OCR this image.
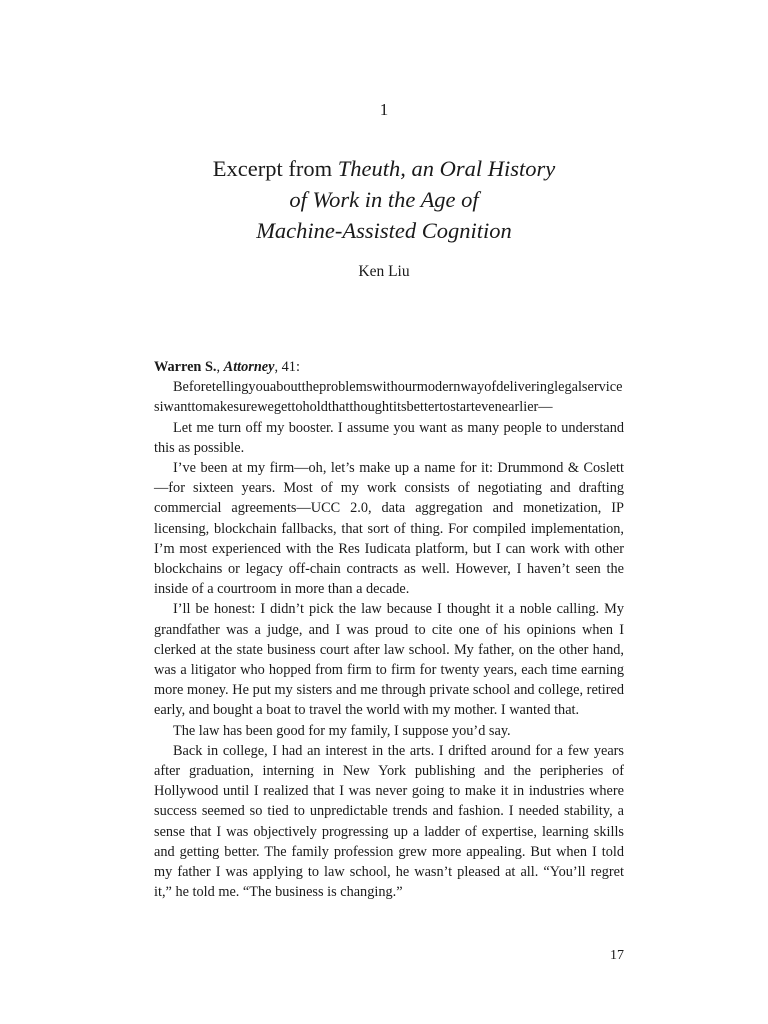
1
Excerpt from Theuth, an Oral History
of Work in the Age of
Machine-Assisted Cognition
Ken Liu

Warren S., Attorney, 41:

Beforetellingyouabouttheproblemswithourmodernwayofdeliveringlegalservicesіwanttomakesurewegettoholdthatthoughtitsbettertostartevenearlier—

Let me turn off my booster. I assume you want as many people to understand this as possible.

I’ve been at my firm—oh, let’s make up a name for it: Drummond & Coslett—for sixteen years. Most of my work consists of negotiating and drafting commercial agreements—UCC 2.0, data aggregation and monetization, IP licensing, blockchain fallbacks, that sort of thing. For compiled implementation, I’m most experienced with the Res Iudicata platform, but I can work with other blockchains or legacy off-chain contracts as well. However, I haven’t seen the inside of a courtroom in more than a decade.

I’ll be honest: I didn’t pick the law because I thought it a noble calling. My grandfather was a judge, and I was proud to cite one of his opinions when I clerked at the state business court after law school. My father, on the other hand, was a litigator who hopped from firm to firm for twenty years, each time earning more money. He put my sisters and me through private school and college, retired early, and bought a boat to travel the world with my mother. I wanted that.

The law has been good for my family, I suppose you’d say.

Back in college, I had an interest in the arts. I drifted around for a few years after graduation, interning in New York publishing and the peripheries of Hollywood until I realized that I was never going to make it in industries where success seemed so tied to unpredictable trends and fashion. I needed stability, a sense that I was objectively progressing up a ladder of expertise, learning skills and getting better. The family profession grew more appealing. But when I told my father I was applying to law school, he wasn’t pleased at all. “You’ll regret it,” he told me. “The business is changing.”

17
